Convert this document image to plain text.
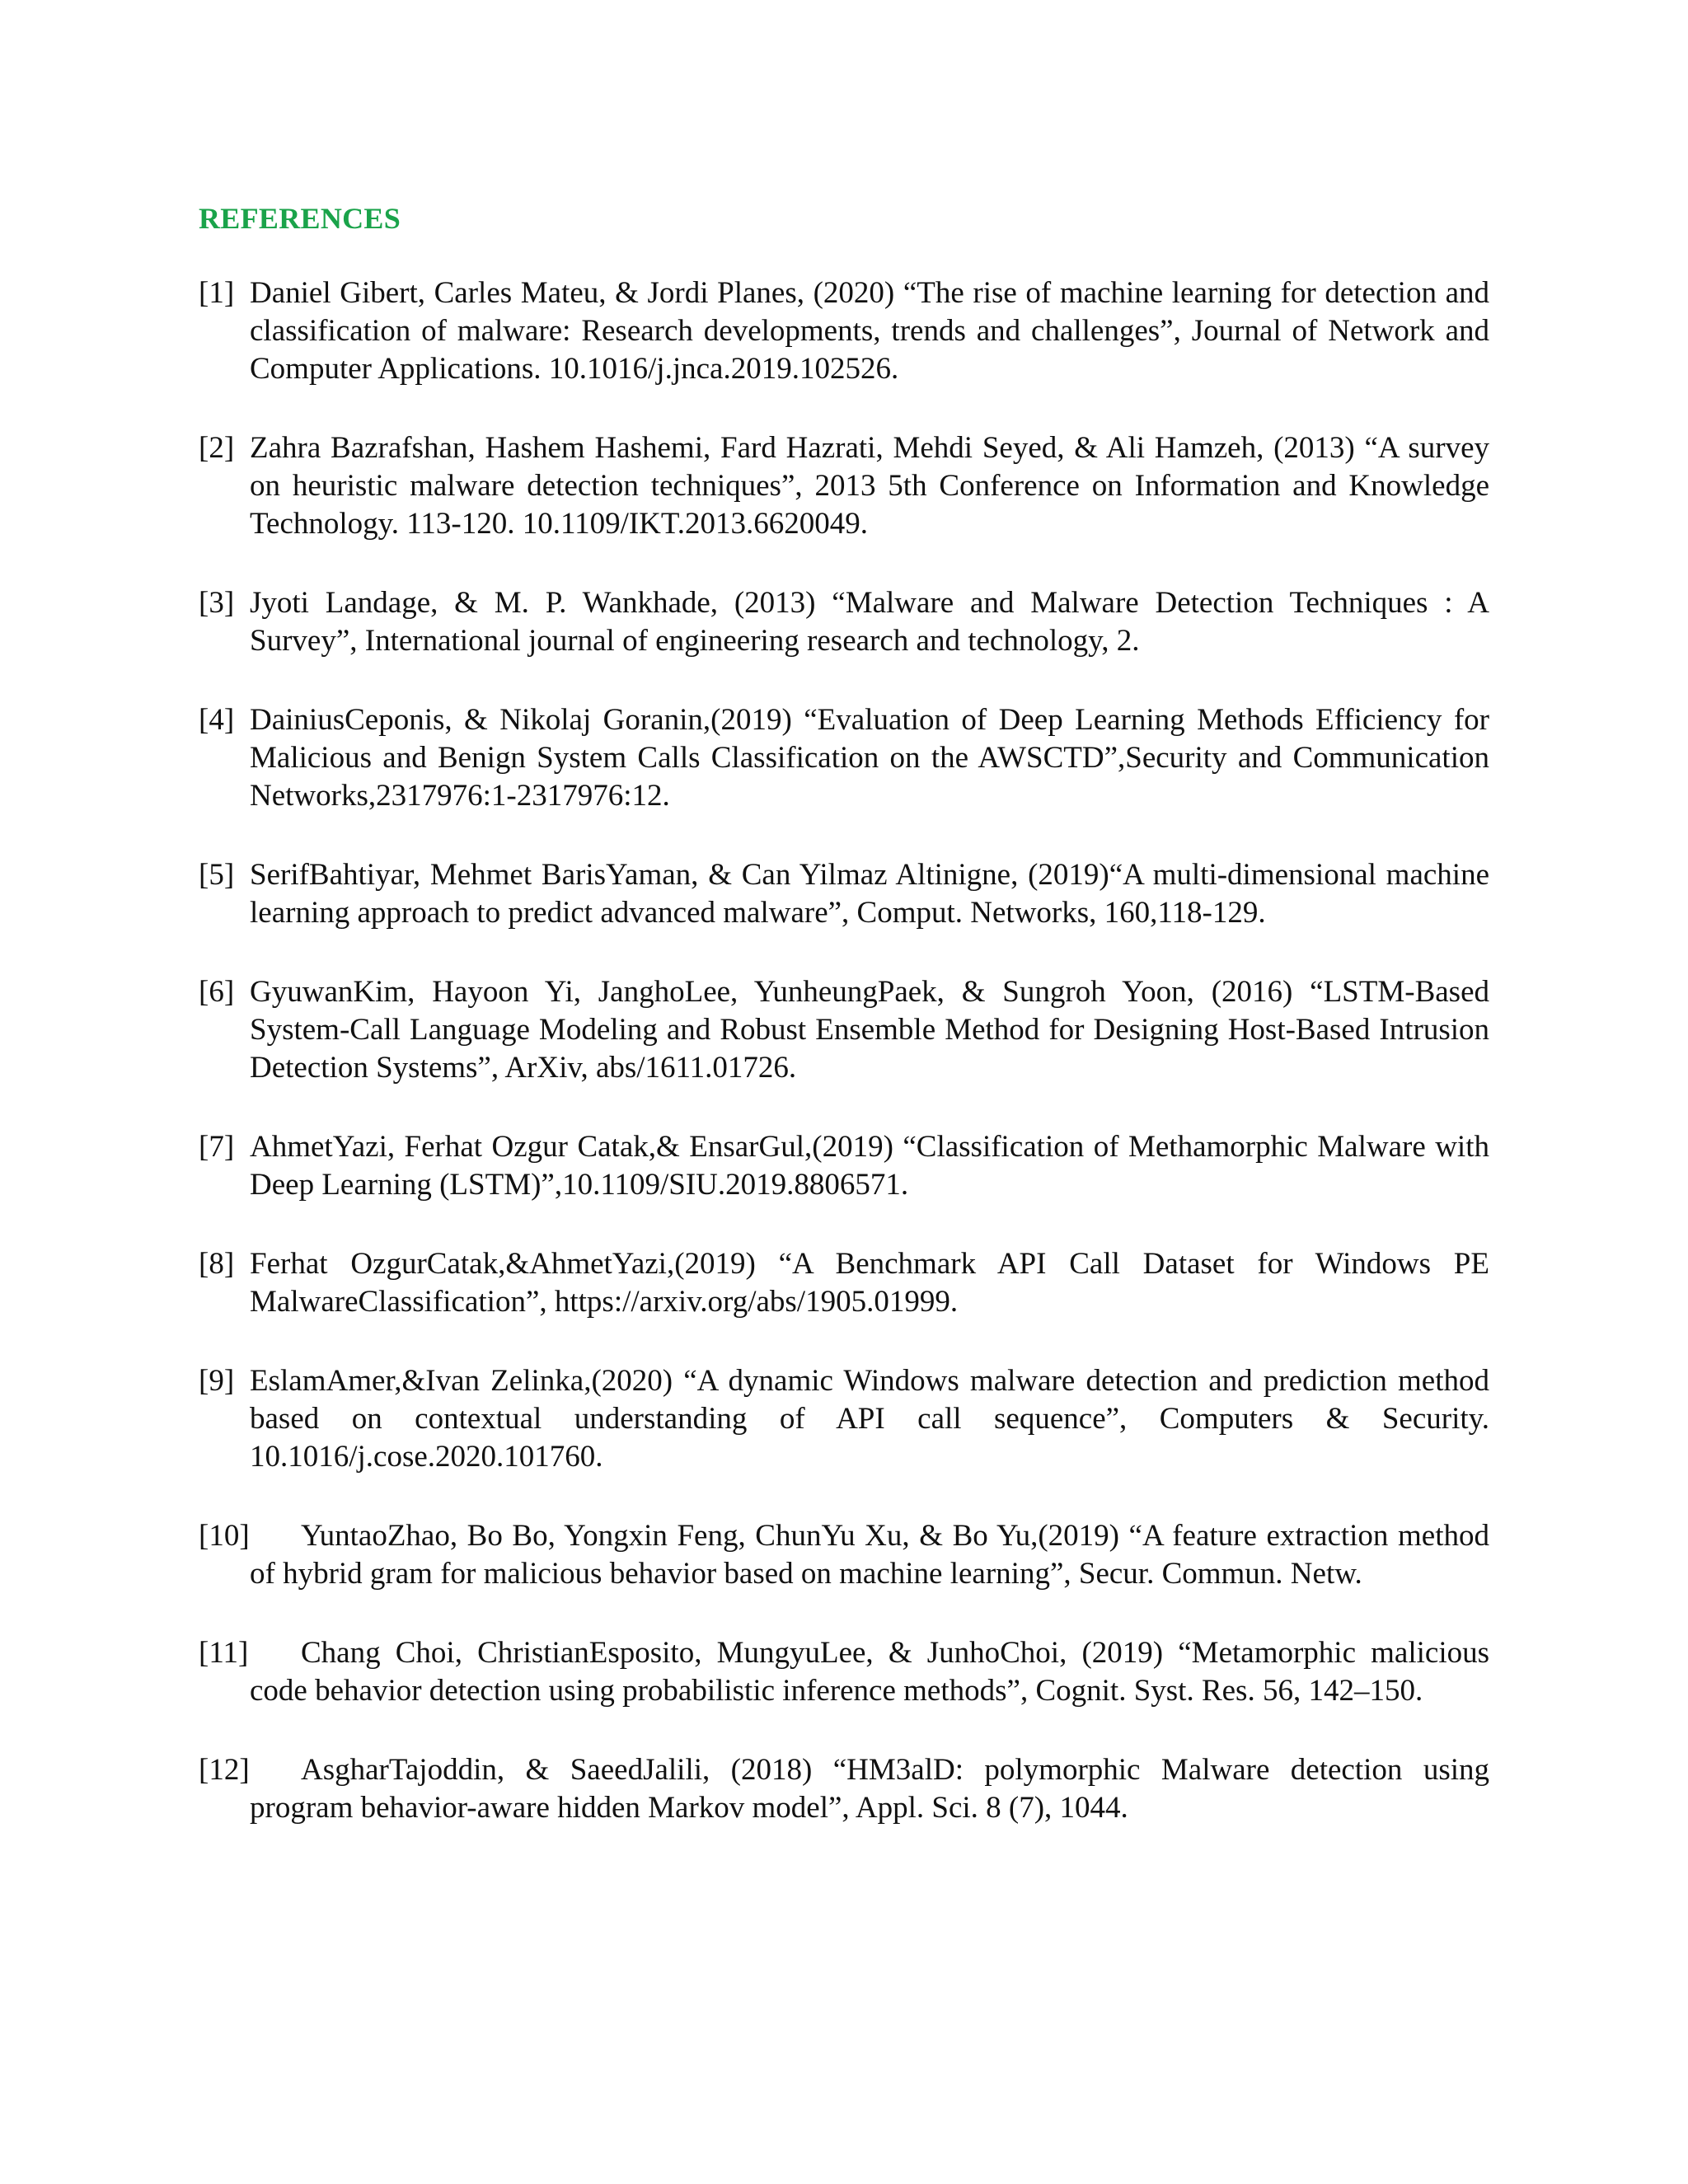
REFERENCES
[1] Daniel Gibert, Carles Mateu, & Jordi Planes, (2020) “The rise of machine learning for detection and classification of malware: Research developments, trends and challenges”, Journal of Network and Computer Applications. 10.1016/j.jnca.2019.102526.
[2] Zahra Bazrafshan, Hashem Hashemi, Fard Hazrati, Mehdi Seyed, & Ali Hamzeh, (2013) “A survey on heuristic malware detection techniques”, 2013 5th Conference on Information and Knowledge Technology. 113-120. 10.1109/IKT.2013.6620049.
[3] Jyoti Landage, & M. P. Wankhade, (2013) “Malware and Malware Detection Techniques : A Survey”, International journal of engineering research and technology, 2.
[4] DainiusCeponis, & Nikolaj Goranin,(2019) “Evaluation of Deep Learning Methods Efficiency for Malicious and Benign System Calls Classification on the AWSCTD”,Security and Communication Networks,2317976:1-2317976:12.
[5] SerifBahtiyar, Mehmet BarisYaman, & Can Yilmaz Altinigne, (2019)“A multi-dimensional machine learning approach to predict advanced malware”, Comput. Networks, 160,118-129.
[6] GyuwanKim, Hayoon Yi, JanghoLee, YunheungPaek, & Sungroh Yoon, (2016) “LSTM-Based System-Call Language Modeling and Robust Ensemble Method for Designing Host-Based Intrusion Detection Systems”, ArXiv, abs/1611.01726.
[7] AhmetYazi, Ferhat Ozgur Catak,& EnsarGul,(2019) “Classification of Methamorphic Malware with Deep Learning (LSTM)”,10.1109/SIU.2019.8806571.
[8] Ferhat OzgurCatak,&AhmetYazi,(2019) “A Benchmark API Call Dataset for Windows PE MalwareClassification”, https://arxiv.org/abs/1905.01999.
[9] EslamAmer,&Ivan Zelinka,(2020) “A dynamic Windows malware detection and prediction method based on contextual understanding of API call sequence”, Computers & Security. 10.1016/j.cose.2020.101760.
[10] YuntaoZhao, Bo Bo, Yongxin Feng, ChunYu Xu, & Bo Yu,(2019) “A feature extraction method of hybrid gram for malicious behavior based on machine learning”, Secur. Commun. Netw.
[11] Chang Choi, ChristianEsposito, MungyuLee, & JunhoChoi, (2019) “Metamorphic malicious code behavior detection using probabilistic inference methods”, Cognit. Syst. Res. 56, 142–150.
[12] AsgharTajoddin, & SaeedJalili, (2018) “HM3alD: polymorphic Malware detection using program behavior-aware hidden Markov model”, Appl. Sci. 8 (7), 1044.
